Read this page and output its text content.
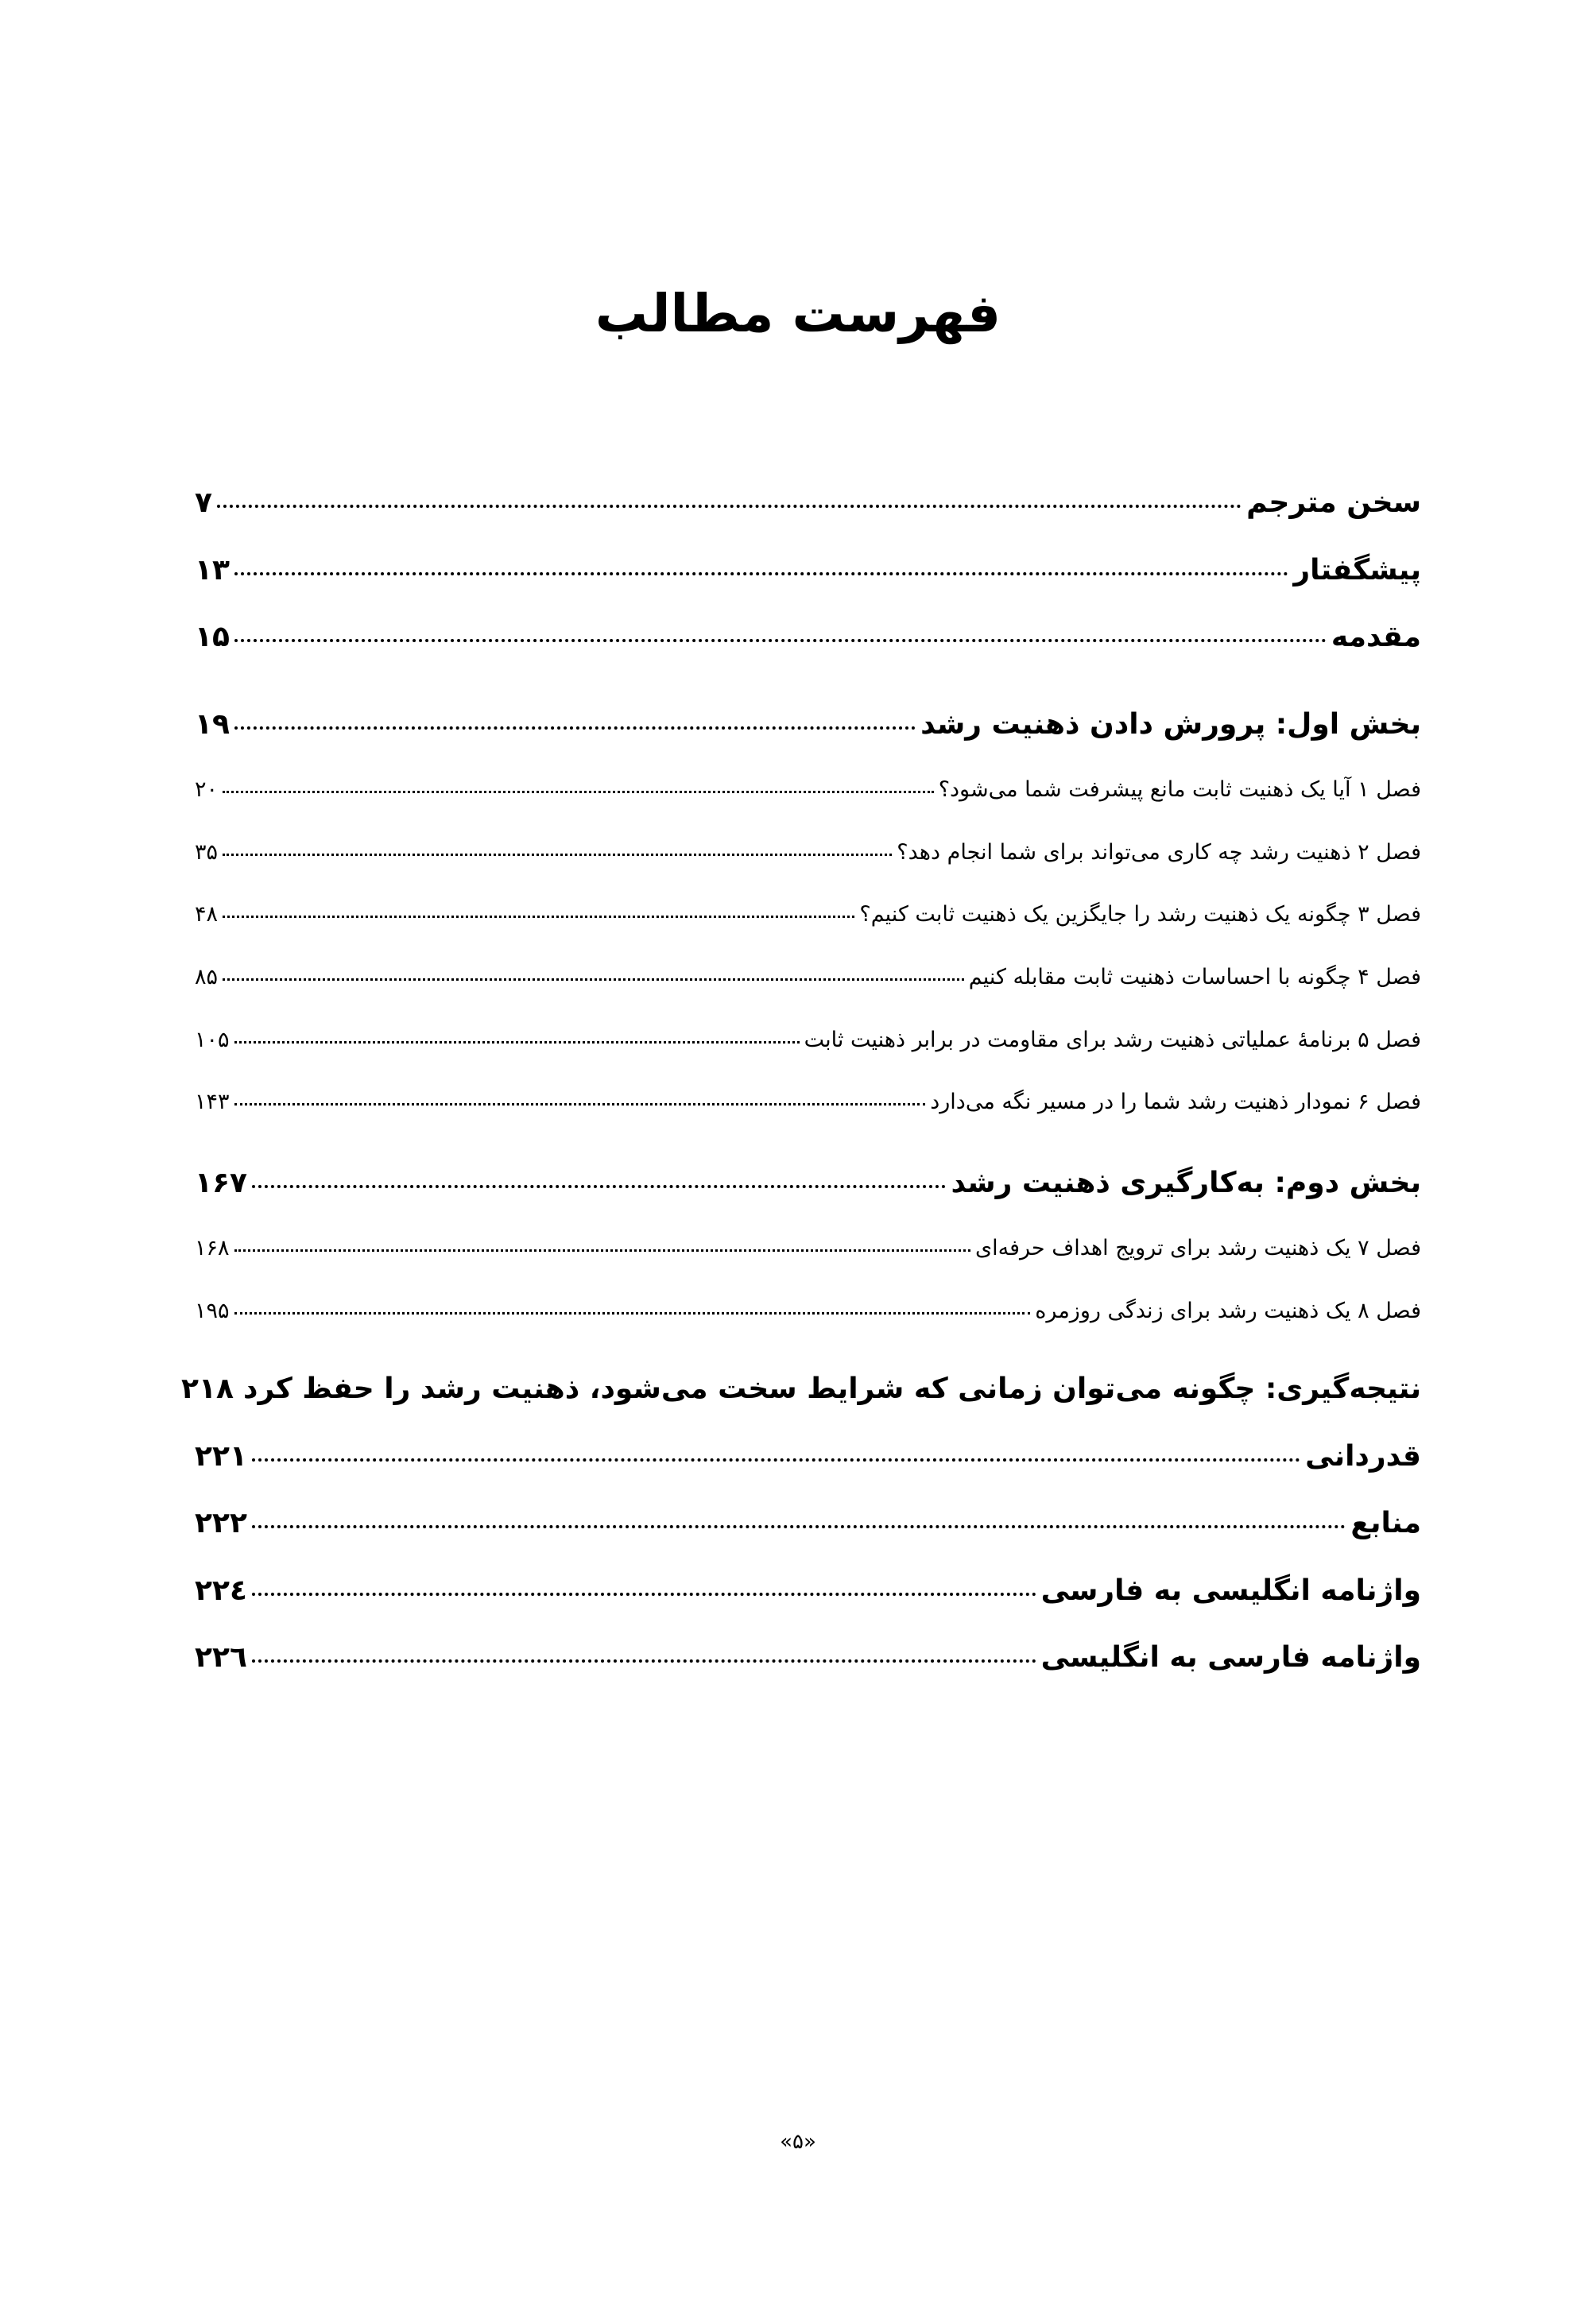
فهرست مطالب
سخن مترجم
۷
پیشگفتار
۱۳
مقدمه
۱۵
بخش اول: پرورش دادن ذهنیت رشد
۱۹
فصل ۱ آیا یک ذهنیت ثابت مانع پیشرفت شما می‌شود؟
۲۰
فصل ۲ ذهنیت رشد چه کاری می‌تواند برای شما انجام دهد؟
۳۵
فصل ۳ چگونه یک ذهنیت رشد را جایگزین یک ذهنیت ثابت کنیم؟
۴۸
فصل ۴ چگونه با احساسات ذهنیت ثابت مقابله کنیم
۸۵
فصل ۵ برنامهٔ عملیاتی ذهنیت رشد برای مقاومت در برابر ذهنیت ثابت
۱۰۵
فصل ۶ نمودار ذهنیت رشد شما را در مسیر نگه می‌دارد
۱۴۳
بخش دوم: به‌کارگیری ذهنیت رشد
۱۶۷
فصل ۷ یک ذهنیت رشد برای ترویج اهداف حرفه‌ای
۱۶۸
فصل ۸ یک ذهنیت رشد برای زندگی روزمره
۱۹۵
نتیجه‌گیری: چگونه می‌توان زمانی که شرایط سخت می‌شود، ذهنیت رشد را حفظ کرد
۲۱۸
قدردانی
۲۲۱
منابع
۲۲۲
واژنامه انگلیسی به فارسی
۲۲٤
واژنامه فارسی به انگلیسی
۲۲٦
«۵»
